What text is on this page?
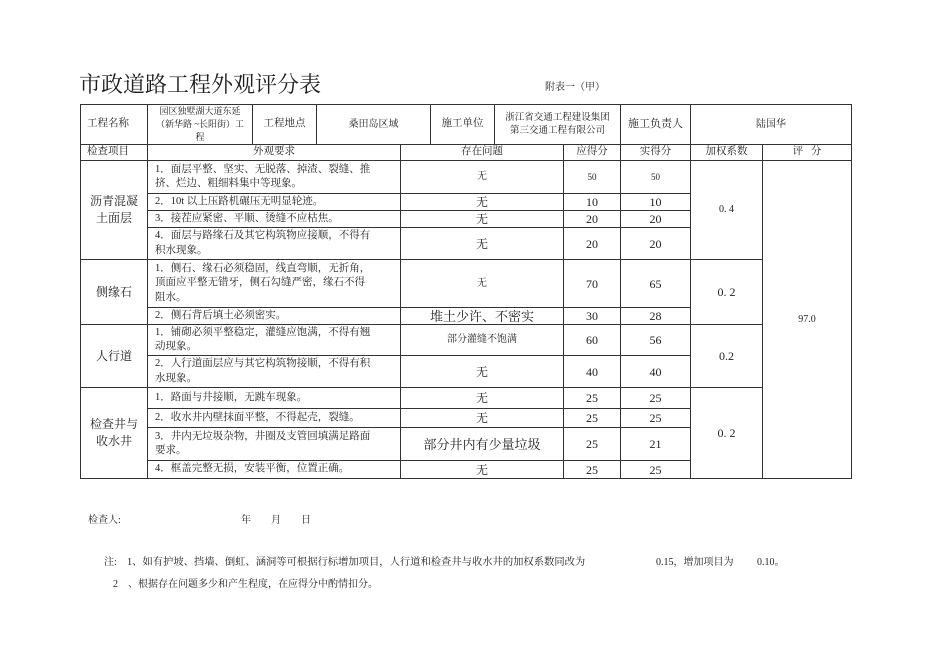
市政道路工程外观评分表	附表一（甲）
工程名称	园区独墅湖大道东延
（新华路 ~长阳街）工程	工程地点	桑田岛区域	施工单位	浙江省交通工程建设集团
第三交通工程有限公司	施工负责人	陆国华
检查项目	外观要求	存在问题	应得分	实得分	加权系数	评   分
沥青混凝
土面层	1．面层平整、坚实、无脱落、掉渣、裂缝、推
挤、烂边、粗细料集中等现象。	无	50	50	0. 4	97.0
	2．10t 以上压路机碾压无明显轮迹。	无	10	10		
	3．接茬应紧密、平顺、烫缝不应枯焦。	无	20	20		
	4．面层与路缘石及其它构筑物应接顺，不得有
积水现象。	无	20	20		
侧缘石	1．侧石、缘石必须稳固，线直弯顺，无折角，
顶面应平整无错牙，侧石勾缝严密，缘石不得
阻水。	无	70	65	0. 2	
	2．侧石背后填土必须密实。	堆土少许、不密实	30	28		
人行道	1．铺砌必须平整稳定，灌缝应饱满，不得有翘
动现象。	部分灌缝不饱满	60	56	0.2	
	2．人行道面层应与其它构筑物接顺，不得有积
水现象。	无	40	40		
检查井与
收水井	1．路面与井接顺，无跳车现象。	无	25	25	0. 2	
	2．收水井内壁抹面平整，不得起壳，裂缝。	无	25	25		
	3．井内无垃圾杂物，井圈及支管回填满足路面
要求。	部分井内有少量垃圾	25	21		
	4．框盖完整无损，安装平衡，位置正确。	无	25	25		
检查人:	年 月 日
注: 1、如有护坡、挡墙、倒虹、涵洞等可根据行标增加项目，人行道和检查井与收水井的加权系数同改为	0.15，增加项目为 0.10。
2 、根据存在问题多少和产生程度，在应得分中酌情扣分。
